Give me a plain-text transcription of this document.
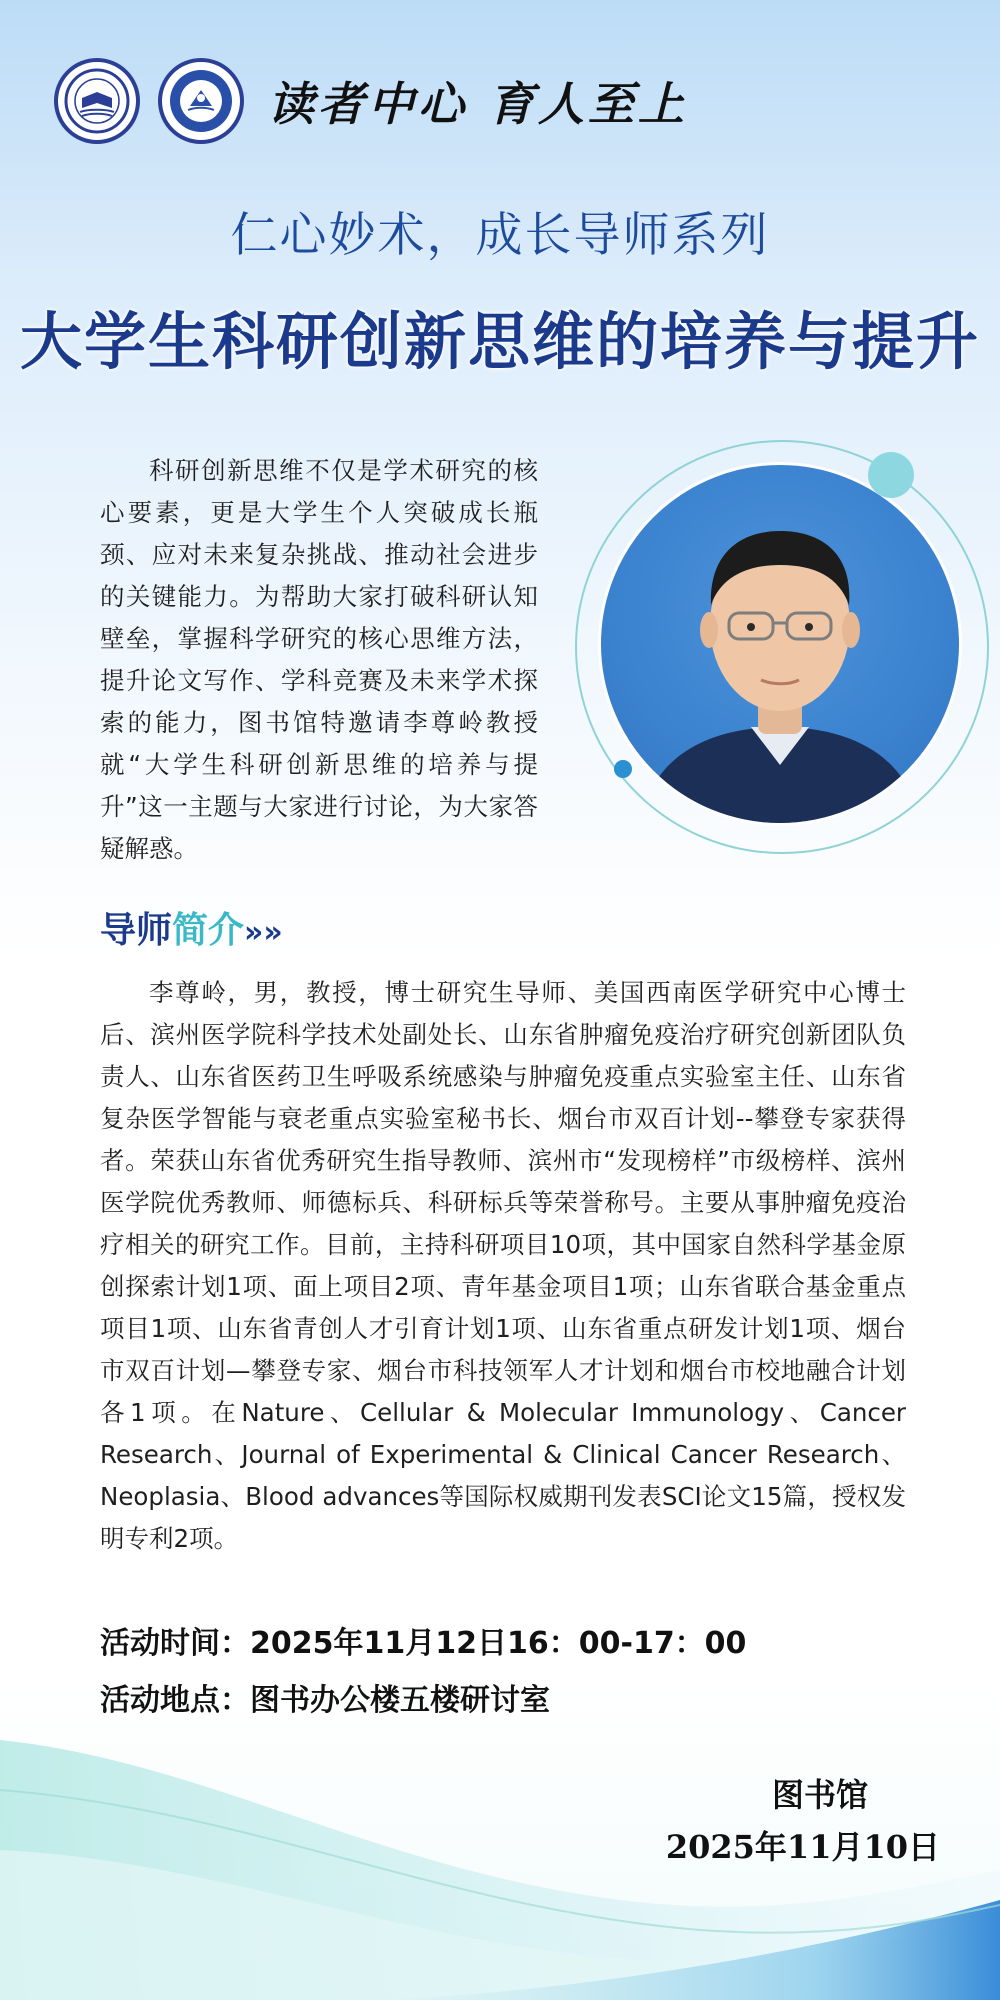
读者中心 育人至上
仁心妙术，成长导师系列
大学生科研创新思维的培养与提升
科研创新思维不仅是学术研究的核心要素，更是大学生个人突破成长瓶颈、应对未来复杂挑战、推动社会进步的关键能力。为帮助大家打破科研认知壁垒，掌握科学研究的核心思维方法，提升论文写作、学科竞赛及未来学术探索的能力，图书馆特邀请李尊岭教授就“大学生科研创新思维的培养与提升”这一主题与大家进行讨论，为大家答疑解惑。
导师简介»»
李尊岭，男，教授，博士研究生导师、美国西南医学研究中心博士后、滨州医学院科学技术处副处长、山东省肿瘤免疫治疗研究创新团队负责人、山东省医药卫生呼吸系统感染与肿瘤免疫重点实验室主任、山东省复杂医学智能与衰老重点实验室秘书长、烟台市双百计划--攀登专家获得者。荣获山东省优秀研究生指导教师、滨州市“发现榜样”市级榜样、滨州医学院优秀教师、师德标兵、科研标兵等荣誉称号。主要从事肿瘤免疫治疗相关的研究工作。目前，主持科研项目10项，其中国家自然科学基金原创探索计划1项、面上项目2项、青年基金项目1项；山东省联合基金重点项目1项、山东省青创人才引育计划1项、山东省重点研发计划1项、烟台市双百计划—攀登专家、烟台市科技领军人才计划和烟台市校地融合计划各1项。在Nature、Cellular & Molecular Immunology、Cancer Research、Journal of Experimental & Clinical Cancer Research、Neoplasia、Blood advances等国际权威期刊发表SCI论文15篇，授权发明专利2项。
活动时间：2025年11月12日16：00-17：00
活动地点：图书办公楼五楼研讨室
图书馆
2025年11月10日
